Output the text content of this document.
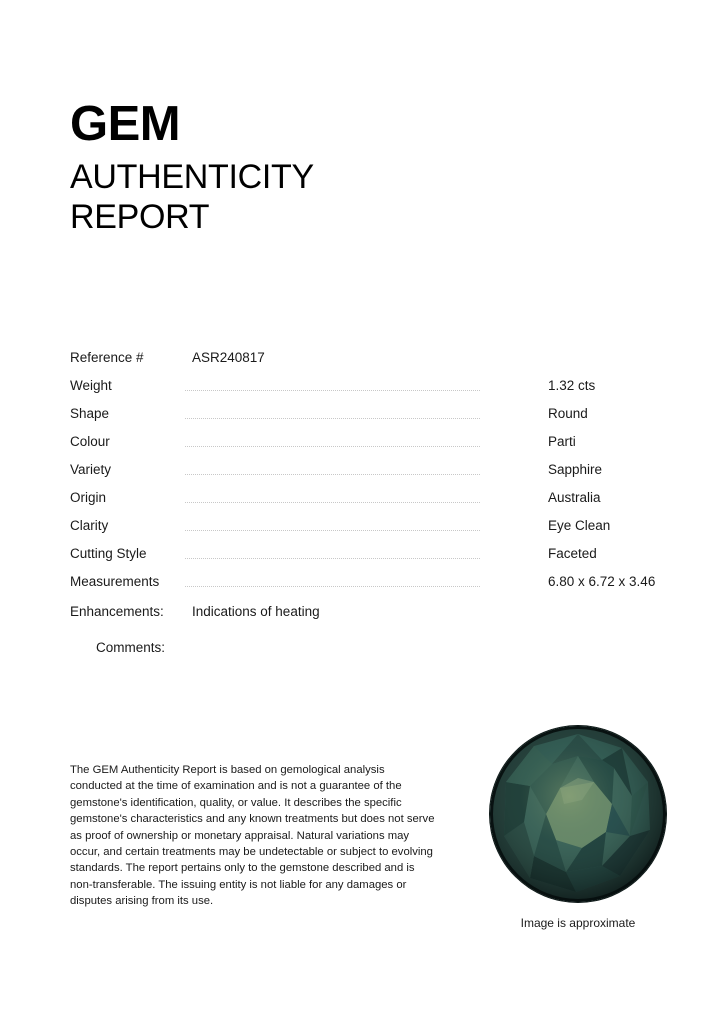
GEM
AUTHENTICITY
REPORT
Reference #	ASR240817
Weight	1.32 cts
Shape	Round
Colour	Parti
Variety	Sapphire
Origin	Australia
Clarity	Eye Clean
Cutting Style	Faceted
Measurements	6.80 x 6.72 x 3.46
Enhancements: Indications of heating
Comments:
The GEM Authenticity Report is based on gemological analysis conducted at the time of examination and is not a guarantee of the gemstone's identification, quality, or value. It describes the specific gemstone's characteristics and any known treatments but does not serve as proof of ownership or monetary appraisal. Natural variations may occur, and certain treatments may be undetectable or subject to evolving standards. The report pertains only to the gemstone described and is non-transferable. The issuing entity is not liable for any damages or disputes arising from its use.
Image is approximate
